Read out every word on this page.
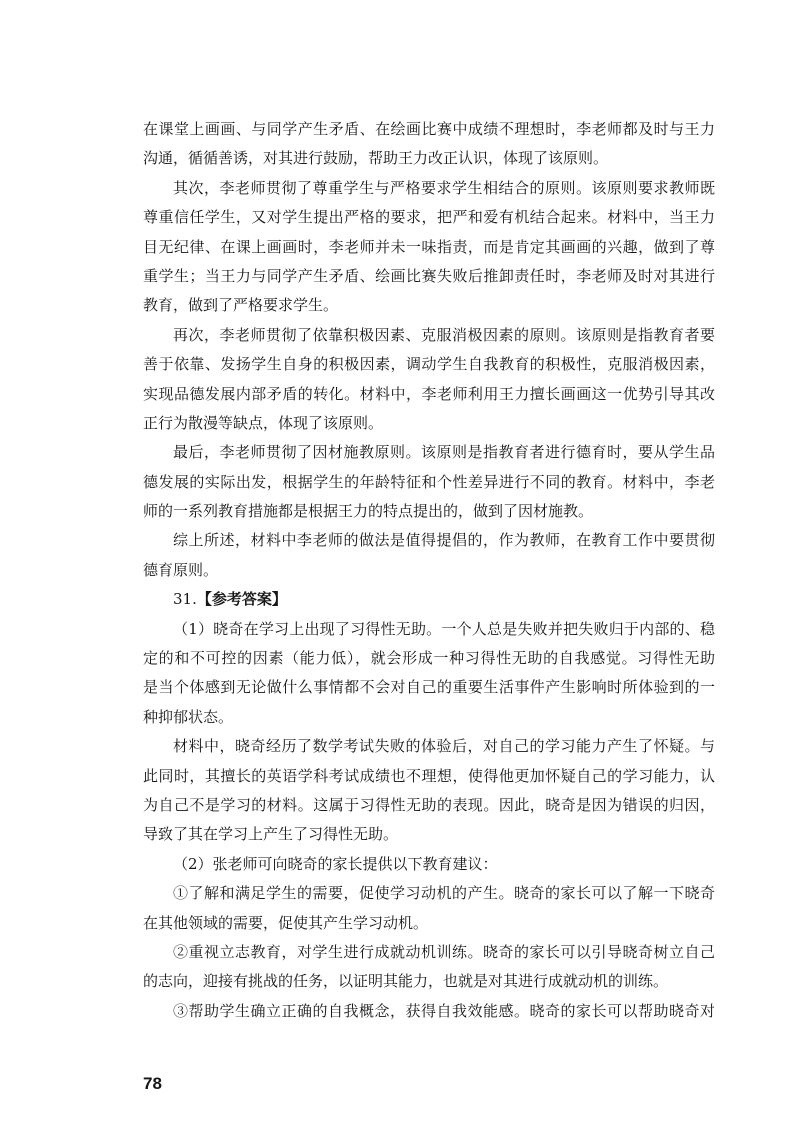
在课堂上画画、与同学产生矛盾、在绘画比赛中成绩不理想时，李老师都及时与王力
沟通，循循善诱，对其进行鼓励，帮助王力改正认识，体现了该原则。
其次，李老师贯彻了尊重学生与严格要求学生相结合的原则。该原则要求教师既
尊重信任学生，又对学生提出严格的要求，把严和爱有机结合起来。材料中，当王力
目无纪律、在课上画画时，李老师并未一味指责，而是肯定其画画的兴趣，做到了尊
重学生；当王力与同学产生矛盾、绘画比赛失败后推卸责任时，李老师及时对其进行
教育，做到了严格要求学生。
再次，李老师贯彻了依靠积极因素、克服消极因素的原则。该原则是指教育者要
善于依靠、发扬学生自身的积极因素，调动学生自我教育的积极性，克服消极因素，
实现品德发展内部矛盾的转化。材料中，李老师利用王力擅长画画这一优势引导其改
正行为散漫等缺点，体现了该原则。
最后，李老师贯彻了因材施教原则。该原则是指教育者进行德育时，要从学生品
德发展的实际出发，根据学生的年龄特征和个性差异进行不同的教育。材料中，李老
师的一系列教育措施都是根据王力的特点提出的，做到了因材施教。
综上所述，材料中李老师的做法是值得提倡的，作为教师，在教育工作中要贯彻
德育原则。
31.【参考答案】
（1）晓奇在学习上出现了习得性无助。一个人总是失败并把失败归于内部的、稳
定的和不可控的因素（能力低），就会形成一种习得性无助的自我感觉。习得性无助
是当个体感到无论做什么事情都不会对自己的重要生活事件产生影响时所体验到的一
种抑郁状态。
材料中，晓奇经历了数学考试失败的体验后，对自己的学习能力产生了怀疑。与
此同时，其擅长的英语学科考试成绩也不理想，使得他更加怀疑自己的学习能力，认
为自己不是学习的材料。这属于习得性无助的表现。因此，晓奇是因为错误的归因，
导致了其在学习上产生了习得性无助。
（2）张老师可向晓奇的家长提供以下教育建议：
①了解和满足学生的需要，促使学习动机的产生。晓奇的家长可以了解一下晓奇
在其他领域的需要，促使其产生学习动机。
②重视立志教育，对学生进行成就动机训练。晓奇的家长可以引导晓奇树立自己
的志向，迎接有挑战的任务，以证明其能力，也就是对其进行成就动机的训练。
③帮助学生确立正确的自我概念，获得自我效能感。晓奇的家长可以帮助晓奇对
78
